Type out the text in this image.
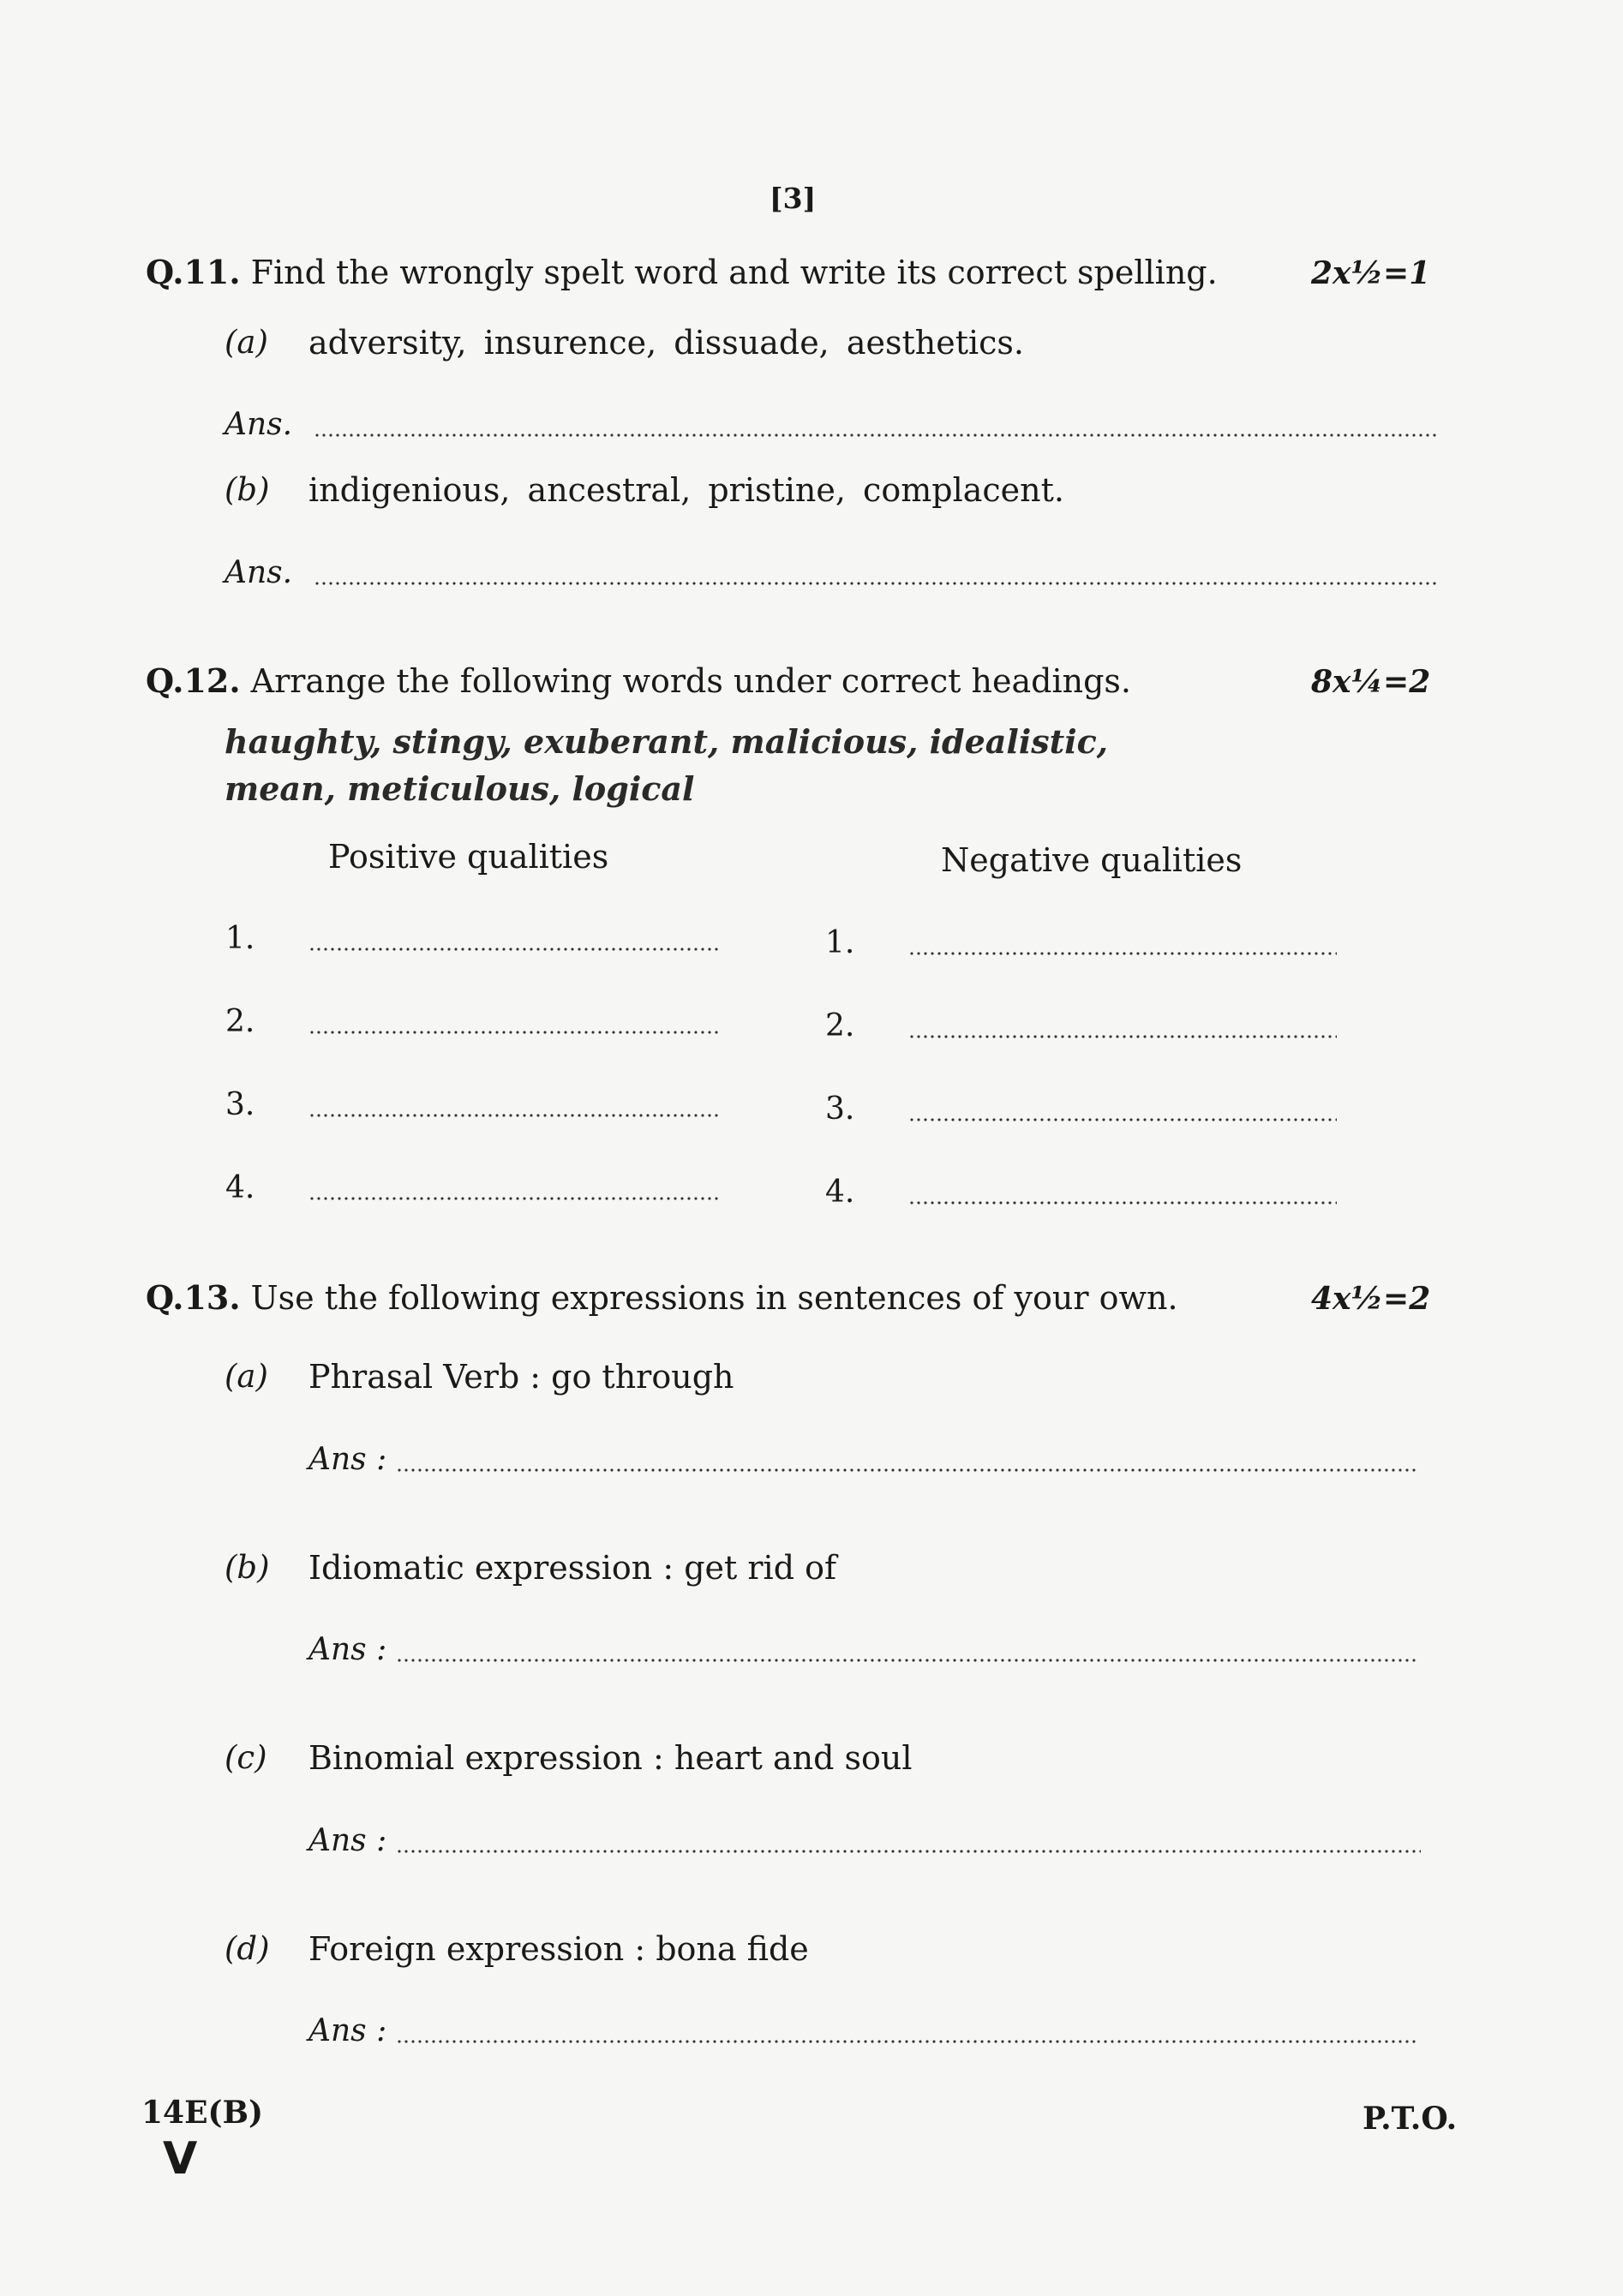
[3]
Q.11. Find the wrongly spelt word and write its correct spelling.	2x½=1
(a) adversity, insurence, dissuade, aesthetics.
Ans.
(b) indigenious, ancestral, pristine, complacent.
Ans.
Q.12. Arrange the following words under correct headings.	8x¼=2
haughty, stingy, exuberant, malicious, idealistic,
mean, meticulous, logical
Positive qualities	Negative qualities
1.	1.
2.	2.
3.	3.
4.	4.
Q.13. Use the following expressions in sentences of your own.	4x½=2
(a) Phrasal Verb : go through
Ans :
(b) Idiomatic expression : get rid of
Ans :
(c) Binomial expression : heart and soul
Ans :
(d) Foreign expression : bona fide
Ans :
14E(B)
V
P.T.O.
